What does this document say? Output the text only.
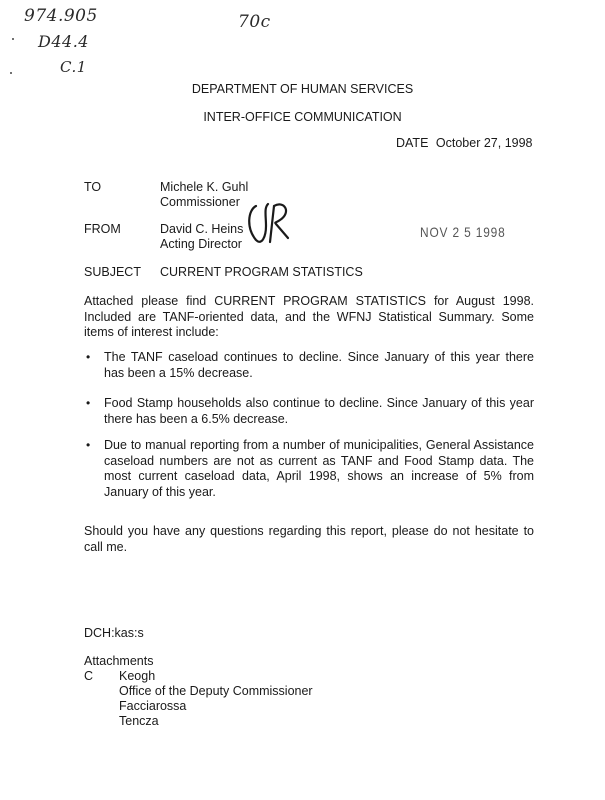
974.905
D44.4
C.1
70c
DEPARTMENT OF HUMAN SERVICES
INTER-OFFICE COMMUNICATION
DATE October 27, 1998
TO	Michele K. Guhl
Commissioner
FROM	David C. Heins
Acting Director
NOV 2 5 1998
SUBJECT CURRENT PROGRAM STATISTICS
Attached please find CURRENT PROGRAM STATISTICS for August 1998. Included are TANF-oriented data, and the WFNJ Statistical Summary. Some items of interest include:
•	The TANF caseload continues to decline. Since January of this year there has been a 15% decrease.
•	Food Stamp households also continue to decline. Since January of this year there has been a 6.5% decrease.
•	Due to manual reporting from a number of municipalities, General Assistance caseload numbers are not as current as TANF and Food Stamp data. The most current caseload data, April 1998, shows an increase of 5% from January of this year.
Should you have any questions regarding this report, please do not hesitate to call me.
DCH:kas:s
Attachments
C Keogh
Office of the Deputy Commissioner
Facciarossa
Tencza
